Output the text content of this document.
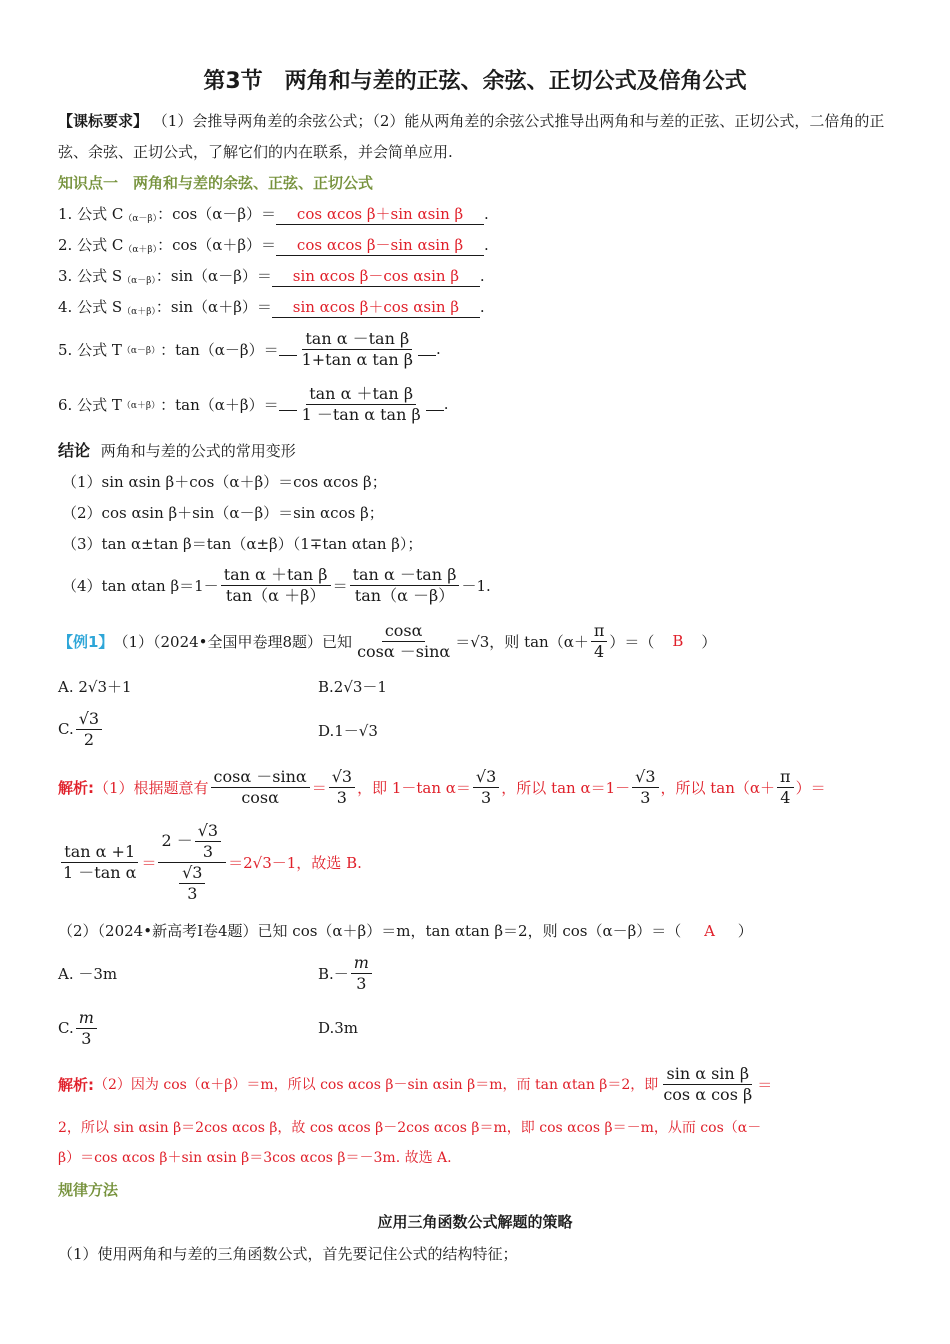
第3节　两角和与差的正弦、余弦、正切公式及倍角公式
【课标要求】 （1）会推导两角差的余弦公式；（2）能从两角差的余弦公式推导出两角和与差的正弦、正切公式，二倍角的正弦、余弦、正切公式，了解它们的内在联系，并会简单应用.
知识点一　两角和与差的余弦、正弦、正切公式
1. 公式 $C_{(\alpha-\beta)}$：cos（α－β）＝ cos αcos β＋sin αsin β .
2. 公式 $C_{(\alpha+\beta)}$：cos（α＋β）＝ cos αcos β－sin αsin β .
3. 公式 $S_{(\alpha-\beta)}$：sin（α－β）＝ sin αcos β－cos αsin β .
4. 公式 $S_{(\alpha+\beta)}$：sin（α＋β）＝ sin αcos β＋cos αsin β .
5. 公式 T （α－β） ：$\tan(\alpha-\beta)= \frac{\text{tan α －tan β}}{\text{1+tan α tan β}}$ .
6. 公式 T （α＋β） ：$\tan(\alpha+\beta)= \frac{\text{tan α ＋tan β}}{\text{1 －tan α tan β}}$ .
结论 两角和与差的公式的常用变形
（1）sin αsin β＋cos（α＋β）＝cos αcos β；
（2）cos αsin β＋sin（α－β）＝sin αcos β；
（3）tan α±tan β＝tan（α±β）（1∓tan αtan β）；
（4）tan αtan $\beta=1- \frac{\text{tan α ＋tan β}}{\tan(\alpha +\beta)} = \frac{\text{tan α －tan β}}{\tan(\alpha -\beta)} -1$.
【例1】 （1）（2024•全国甲卷理8题）已知 $\frac{\cos\alpha}{\cos\alpha -\sin\alpha} =√3$，则 $\tan(\alpha+ \frac{\pi}{4}$ ）＝（ B ）
A. 2√3＋1	B.2√3－1
C. $\frac{√3}{2}$	D.1－√3
解析: （1）根据题意有 $\frac{\cos\alpha -\sin\alpha}{\cos\alpha} = \frac{√3}{3}$ ，即 1－tan $\alpha= \frac{√3}{3}$ ，所以 $\tan \alpha=1- \frac{√3}{3}$ ，所以 $\tan(\alpha+ \frac{\pi}{4}$ ）＝
$\frac{\text{tan α +1}}{\text{1 －tan α}} = \frac{2 - \frac{√3}{3}}{\frac{√3}{3}} =2√3-1$，故选 B.
（2）（2024•新高考Ⅰ卷4题）已知 cos（α＋β）＝m，tan αtan β＝2，则 cos（α－β）＝（ A ）
A. －3m	$B.- \frac{m}{3}$
C. $\frac{m}{3}$	D.3m
解析: （2）因为 cos（α＋β）＝m，所以 cos αcos β－sin αsin β＝m，而 tan αtan β＝2，即 $\frac{\text{sin α sin β}}{\text{cos α cos β}}$ ＝
2，所以 sin αsin β＝2cos αcos β，故 cos αcos β－2cos αcos β＝m，即 cos αcos β＝－m，从而 cos（α－
β）＝cos αcos β＋sin αsin β＝3cos αcos β＝－3m. 故选 A.
规律方法
应用三角函数公式解题的策略
（1）使用两角和与差的三角函数公式，首先要记住公式的结构特征；
